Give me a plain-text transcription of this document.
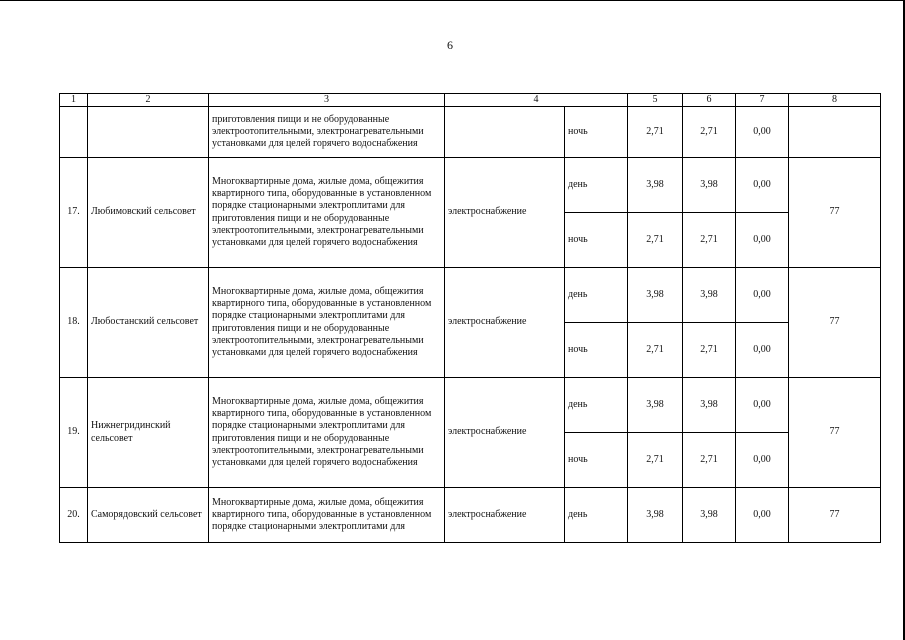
6
1	2	3	4		5	6	7	8
		приготовления пищи и не оборудованные электроотопительными, электронагревательными установками для целей горячего водоснабжения		ночь	2,71	2,71	0,00	
17.	Любимовский сельсовет	Многоквартирные дома, жилые дома, общежития квартирного типа, оборудованные в установленном порядке стационарными электроплитами для приготовления пищи и не оборудованные электроотопительными, электронагревательными установками для целей горячего водоснабжения	электроснабжение	день	3,98	3,98	0,00	77
				ночь	2,71	2,71	0,00	
18.	Любостанский сельсовет	Многоквартирные дома, жилые дома, общежития квартирного типа, оборудованные в установленном порядке стационарными электроплитами для приготовления пищи и не оборудованные электроотопительными, электронагревательными установками для целей горячего водоснабжения	электроснабжение	день	3,98	3,98	0,00	77
				ночь	2,71	2,71	0,00	
19.	Нижнегридинский сельсовет	Многоквартирные дома, жилые дома, общежития квартирного типа, оборудованные в установленном порядке стационарными электроплитами для приготовления пищи и не оборудованные электроотопительными, электронагревательными установками для целей горячего водоснабжения	электроснабжение	день	3,98	3,98	0,00	77
				ночь	2,71	2,71	0,00	
20.	Саморядовский сельсовет	Многоквартирные дома, жилые дома, общежития квартирного типа, оборудованные в установленном порядке стационарными электроплитами для	электроснабжение	день	3,98	3,98	0,00	77
